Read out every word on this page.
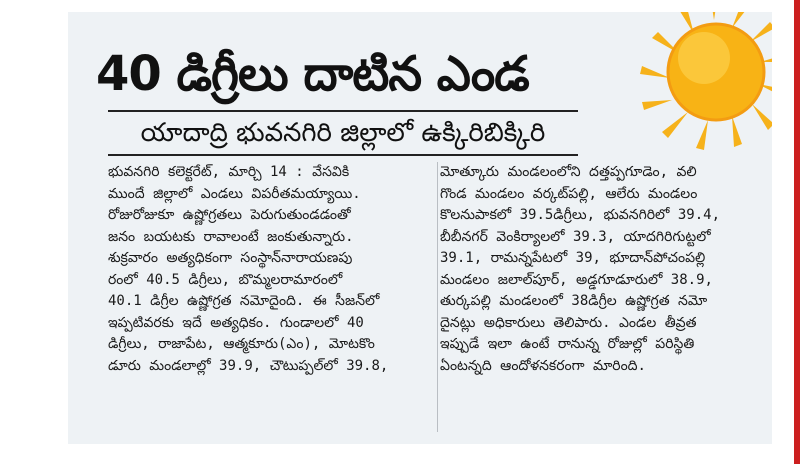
40 డిగ్రీలు దాటిన ఎండ
యాదాద్రి భువనగిరి జిల్లాలో ఉక్కిరిబిక్కిరి
భువనగిరి కలెక్టరేట్, మార్చి 14 : వేసవికి
ముందే జిల్లాలో ఎండలు విపరీతమయ్యాయి.
రోజురోజుకూ ఉష్ణోగ్రతలు పెరుగుతుండడంతో
జనం బయటకు రావాలంటే జంకుతున్నారు.
శుక్రవారం అత్యధికంగా సంస్థాన్‌నారాయణపు
రంలో 40.5 డిగ్రీలు, బొమ్మలరామారంలో
40.1 డిగ్రీల ఉష్ణోగ్రత నమోదైంది. ఈ సీజన్‌లో
ఇప్పటివరకు ఇదే అత్యధికం. గుండాలలో 40
డిగ్రీలు, రాజాపేట, ఆత్మకూరు(ఎం), మోటకొం
డూరు మండలాల్లో 39.9, చౌటుప్పల్‌లో 39.8,
మోత్కూరు మండలంలోని దత్తప్పగూడెం, వలి
గొండ మండలం వర్కట్‌పల్లి, ఆలేరు మండలం
కొలనుపాకలో 39.5డిగ్రీలు, భువనగిరిలో 39.4,
బీబీనగర్ వెంకిర్యాలలో 39.3, యాదగిరిగుట్టలో
39.1, రామన్నపేటలో 39, భూదాన్‌పోచంపల్లి
మండలం జలాల్‌పూర్, అడ్డగూడూరులో 38.9,
తుర్కపల్లి మండలంలో 38డిగ్రీల ఉష్ణోగ్రత నమో
దైనట్లు అధికారులు తెలిపారు. ఎండల తీవ్రత
ఇప్పుడే ఇలా ఉంటే రానున్న రోజుల్లో పరిస్థితి
ఏంటన్నది ఆందోళనకరంగా మారింది.
